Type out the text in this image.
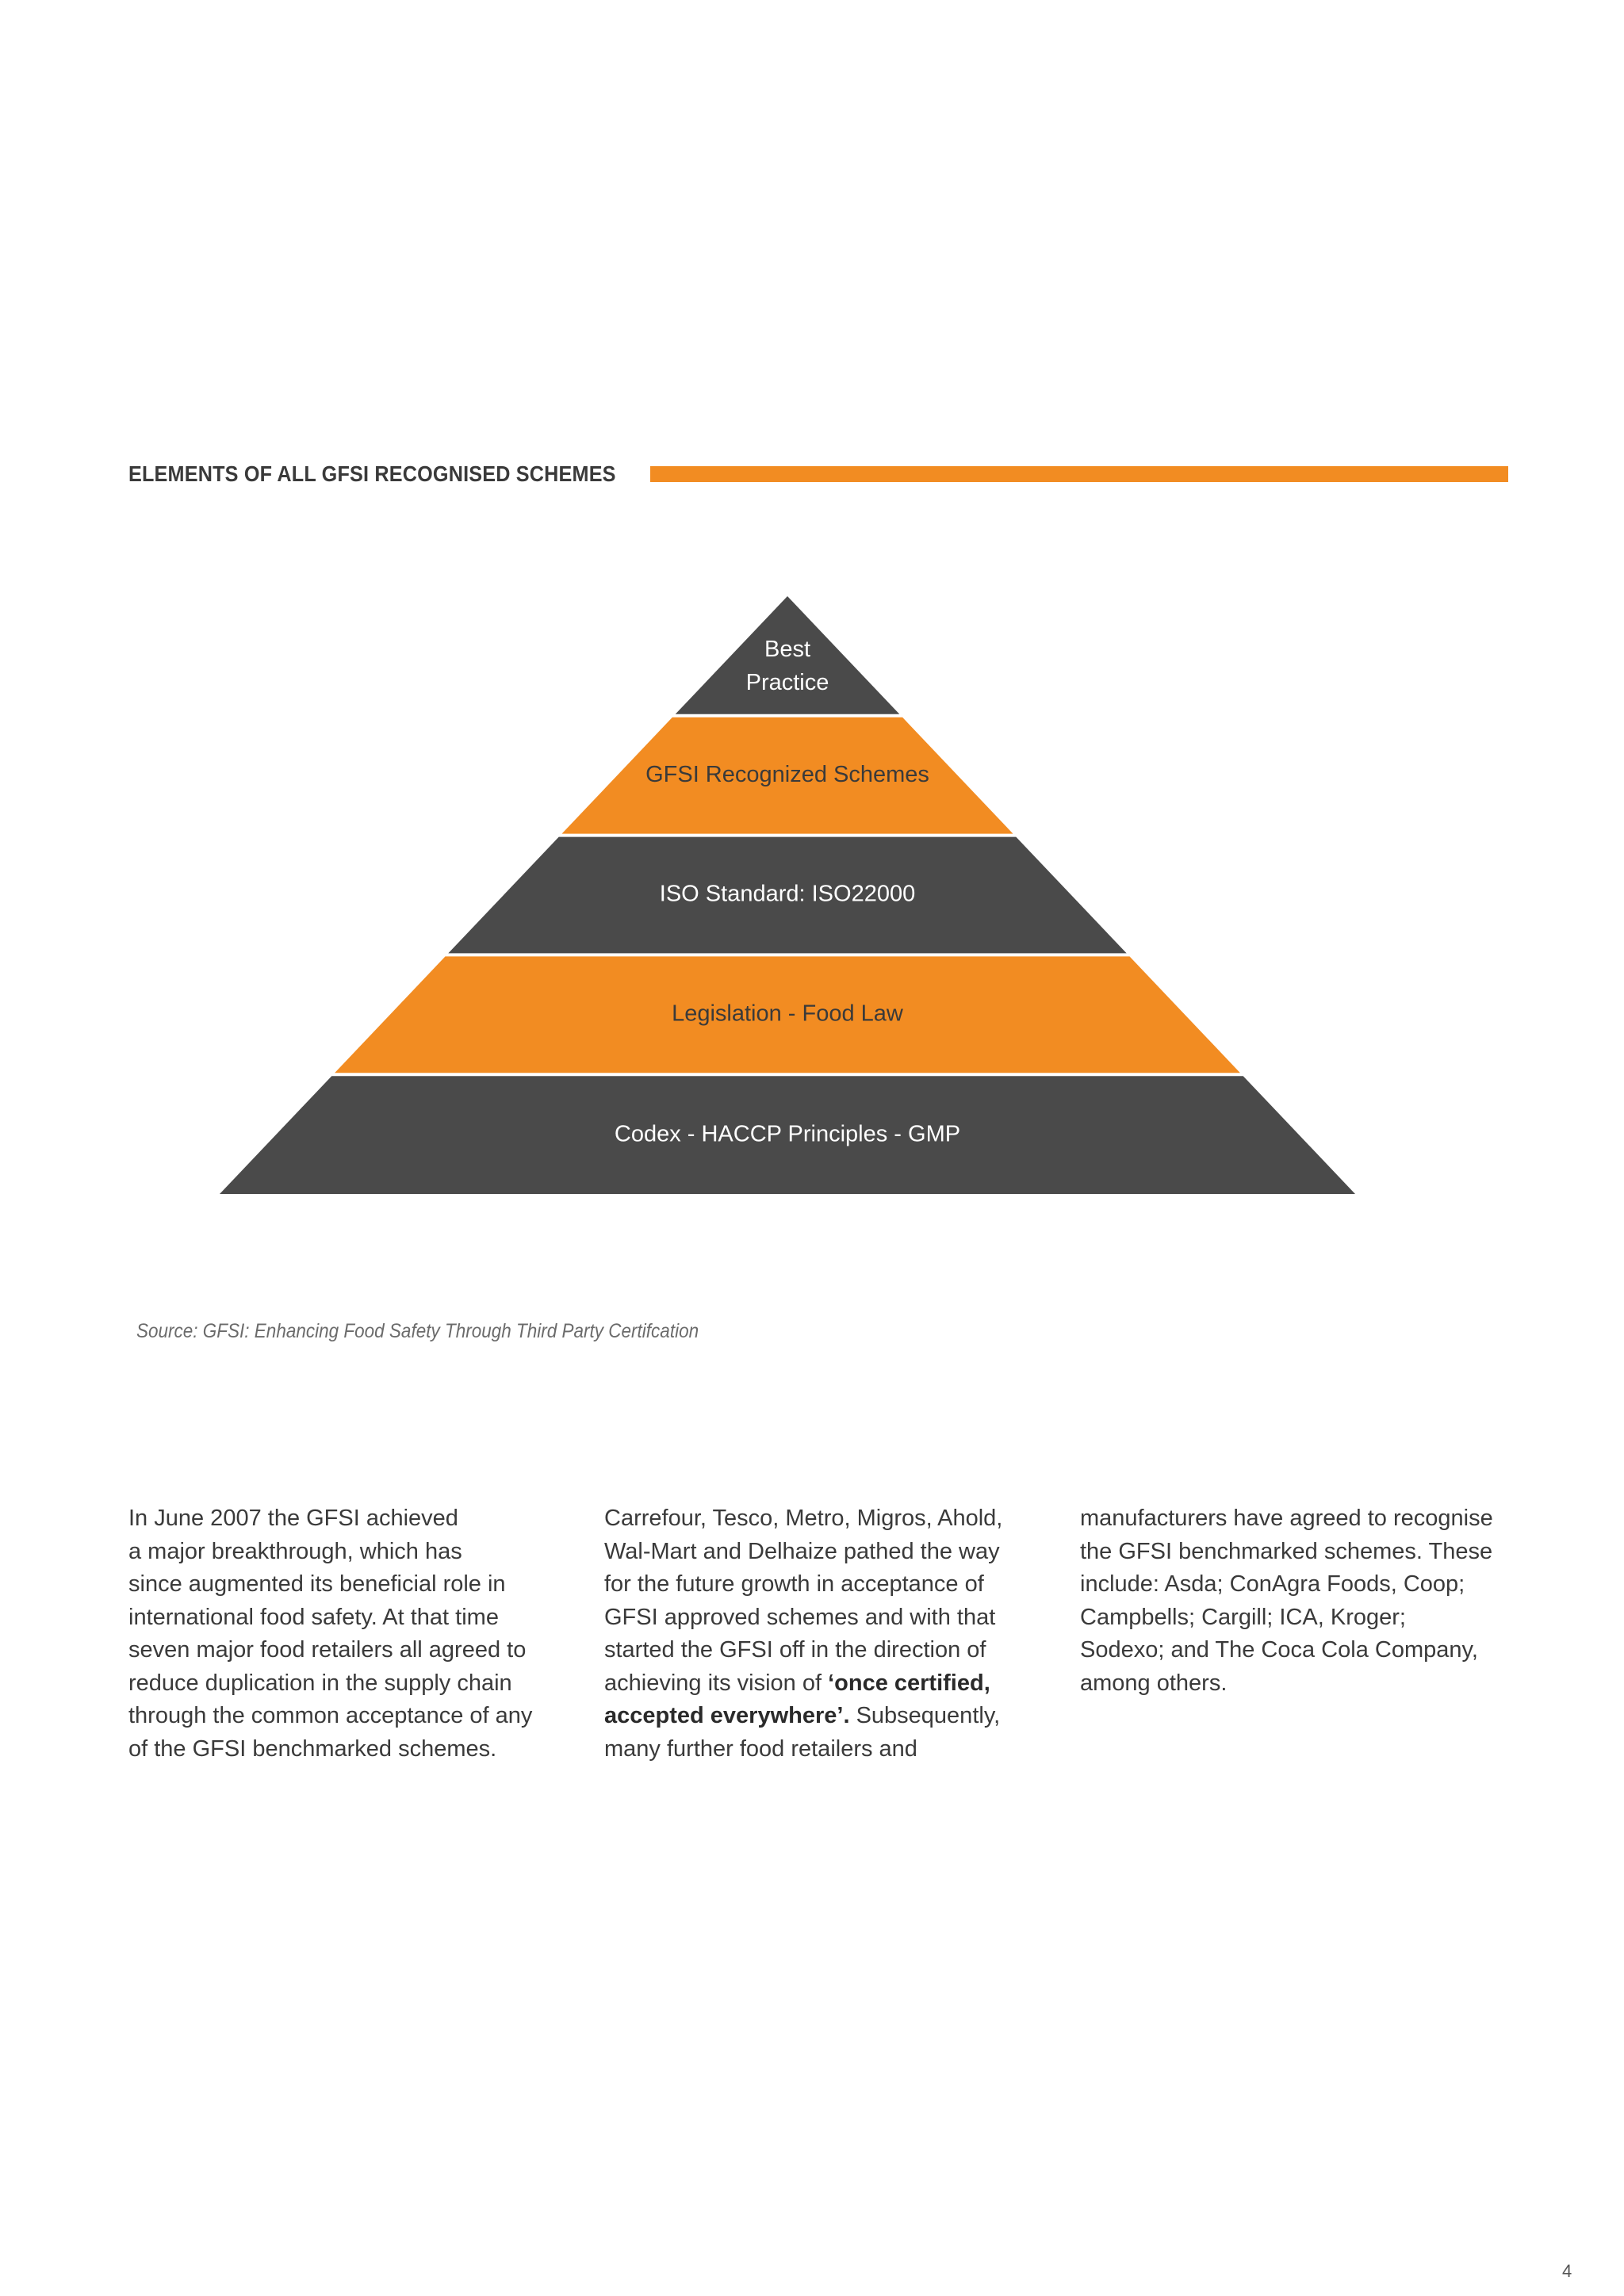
ELEMENTS OF ALL GFSI RECOGNISED SCHEMES
Best
Practice
GFSI Recognized Schemes
ISO Standard: ISO22000
Legislation - Food Law
Codex - HACCP Principles - GMP
Source: GFSI: Enhancing Food Safety Through Third Party Certifcation

In June 2007 the GFSI achieved
a major breakthrough, which has
since augmented its beneficial role in
international food safety. At that time
seven major food retailers all agreed to
reduce duplication in the supply chain
through the common acceptance of any
of the GFSI benchmarked schemes.

Carrefour, Tesco, Metro, Migros, Ahold,
Wal-Mart and Delhaize pathed the way
for the future growth in acceptance of
GFSI approved schemes and with that
started the GFSI off in the direction of
achieving its vision of ‘once certified,
accepted everywhere’. Subsequently,
many further food retailers and

manufacturers have agreed to recognise
the GFSI benchmarked schemes. These
include: Asda; ConAgra Foods, Coop;
Campbells; Cargill; ICA, Kroger;
Sodexo; and The Coca Cola Company,
among others.

4
